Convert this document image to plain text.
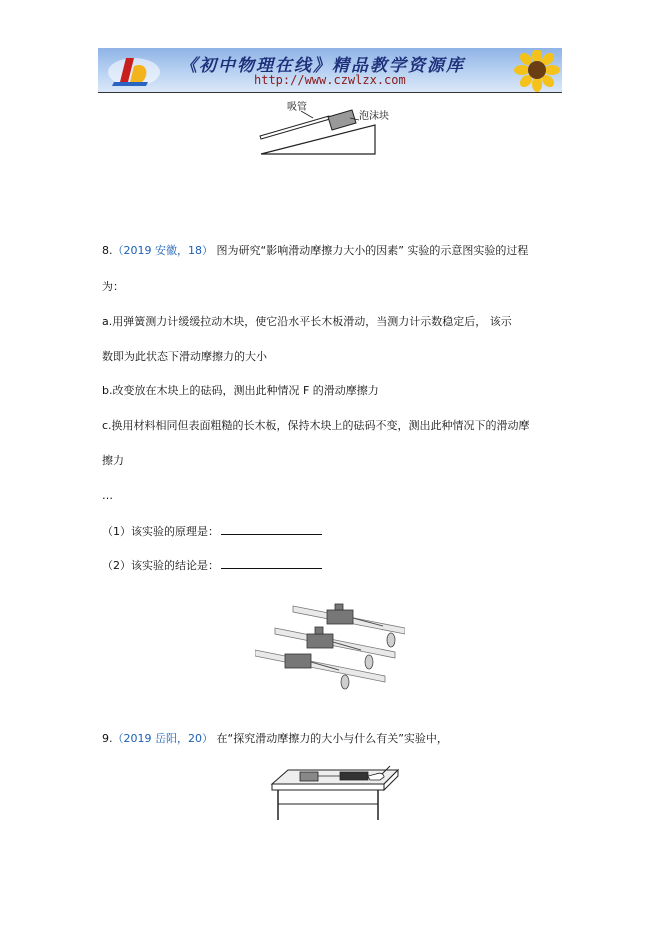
《初中物理在线》精品教学资源库
http://www.czwlzx.com
吸管
泡沫块
8.（2019 安徽，18） 图为研究“影响滑动摩擦力大小的因素” 实验的示意图实验的过程
为：
a.用弹簧测力计缓缓拉动木块，使它沿水平长木板滑动，当测力计示数稳定后， 该示
数即为此状态下滑动摩擦力的大小
b.改变放在木块上的砝码，测出此种情况 F 的滑动摩擦力
c.换用材料相同但表面粗糙的长木板，保持木块上的砝码不变，测出此种情况下的滑动摩
擦力
…
（1）该实验的原理是：
（2）该实验的结论是：
9.（2019 岳阳，20） 在“探究滑动摩擦力的大小与什么有关”实验中，
